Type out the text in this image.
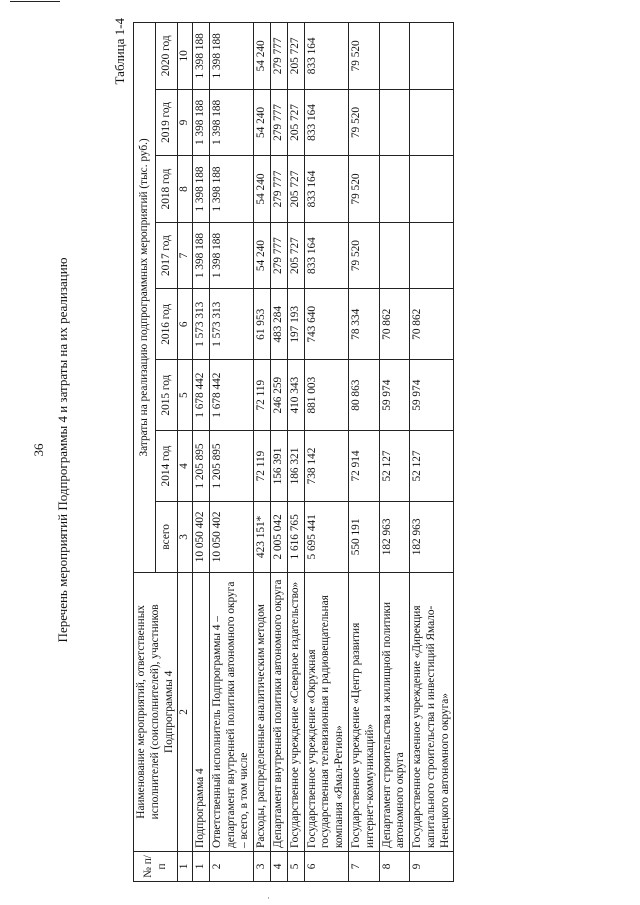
36 Перечень мероприятий Подпрограммы 4 и затраты на их реализацию
Таблица 1-4
№ п/п	Наименование мероприятий, ответственных исполнителей (соисполнителей), участников Подпрограммы 4	Затраты на реализацию подпрограммных мероприятий (тыс. руб.)							
		всего	2014 год	2015 год	2016 год	2017 год	2018 год	2019 год	2020 год
1	2	3	4	5	6	7	8	9	10
1	Подпрограмма 4	10 050 402	1 205 895	1 678 442	1 573 313	1 398 188	1 398 188	1 398 188	1 398 188
2	Ответственный исполнитель Подпрограммы 4 – департамент внутренней политики автономного округа – всего, в том числе	10 050 402	1 205 895	1 678 442	1 573 313	1 398 188	1 398 188	1 398 188	1 398 188
3	Расходы, распределенные аналитическим методом	423 151*	72 119	72 119	61 953	54 240	54 240	54 240	54 240
4	Департамент внутренней политики автономного округа	2 005 042	156 391	246 259	483 284	279 777	279 777	279 777	279 777
5	Государственное учреждение «Северное издательство»	1 616 765	186 321	410 343	197 193	205 727	205 727	205 727	205 727
6	Государственное учреждение «Окружная государственная телевизионная и радиовещательная компания «Ямал-Регион»	5 695 441	738 142	881 003	743 640	833 164	833 164	833 164	833 164
7	Государственное учреждение «Центр развития интернет-коммуникаций»	550 191	72 914	80 863	78 334	79 520	79 520	79 520	79 520
8	Департамент строительства и жилищной политики автономного округа	182 963	52 127	59 974	70 862				
9	Государственное казенное учреждение «Дирекция капитального строительства и инвестиций Ямало-Ненецкого автономного округа»	182 963	52 127	59 974	70 862				
·
